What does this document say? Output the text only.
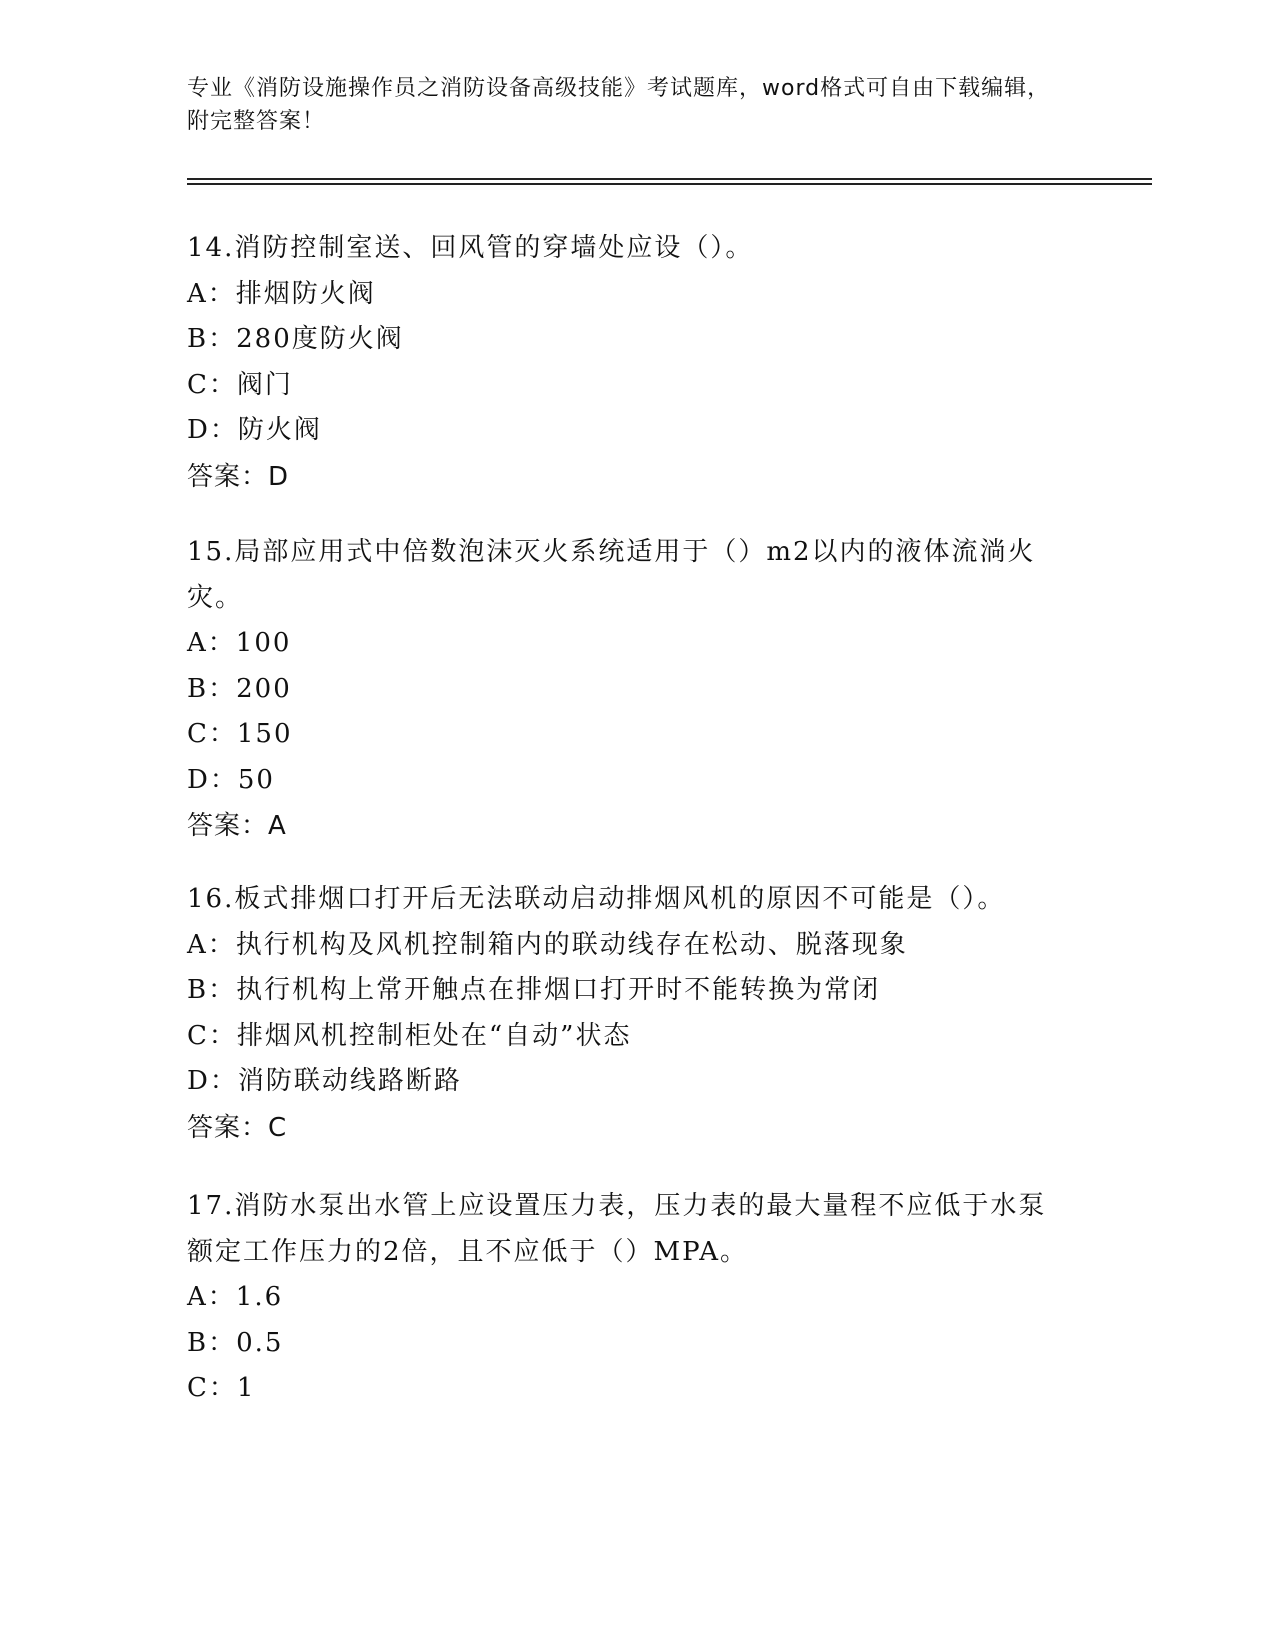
专业《消防设施操作员之消防设备高级技能》考试题库，word格式可自由下载编辑，附完整答案！
14.消防控制室送、回风管的穿墙处应设（）。
A：排烟防火阀
B：280度防火阀
C：阀门
D：防火阀
答案：D
15.局部应用式中倍数泡沫灭火系统适用于（）m2以内的液体流淌火灾。
A：100
B：200
C：150
D：50
答案：A
16.板式排烟口打开后无法联动启动排烟风机的原因不可能是（）。
A：执行机构及风机控制箱内的联动线存在松动、脱落现象
B：执行机构上常开触点在排烟口打开时不能转换为常闭
C：排烟风机控制柜处在“自动”状态
D：消防联动线路断路
答案：C
17.消防水泵出水管上应设置压力表，压力表的最大量程不应低于水泵额定工作压力的2倍，且不应低于（）MPA。
A：1.6
B：0.5
C：1
